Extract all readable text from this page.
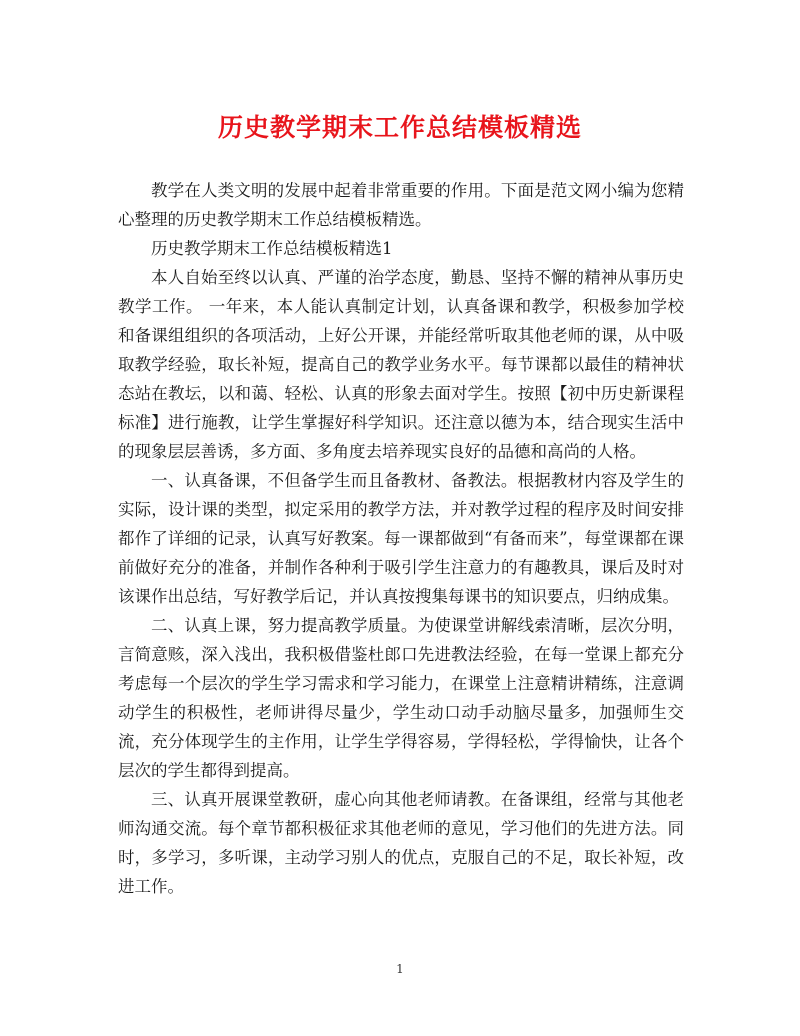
历史教学期末工作总结模板精选

教学在人类文明的发展中起着非常重要的作用。下面是范文网小编为您精心整理的历史教学期末工作总结模板精选。

历史教学期末工作总结模板精选1

本人自始至终以认真、严谨的治学态度，勤恳、坚持不懈的精神从事历史教学工作。 一年来，本人能认真制定计划，认真备课和教学，积极参加学校和备课组组织的各项活动，上好公开课，并能经常听取其他老师的课，从中吸取教学经验，取长补短，提高自己的教学业务水平。每节课都以最佳的精神状态站在教坛，以和蔼、轻松、认真的形象去面对学生。按照【初中历史新课程标准】进行施教，让学生掌握好科学知识。还注意以德为本，结合现实生活中的现象层层善诱，多方面、多角度去培养现实良好的品德和高尚的人格。

一、认真备课，不但备学生而且备教材、备教法。根据教材内容及学生的实际，设计课的类型，拟定采用的教学方法，并对教学过程的程序及时间安排都作了详细的记录，认真写好教案。每一课都做到“有备而来”，每堂课都在课前做好充分的准备，并制作各种利于吸引学生注意力的有趣教具，课后及时对该课作出总结，写好教学后记，并认真按搜集每课书的知识要点，归纳成集。

二、认真上课，努力提高教学质量。为使课堂讲解线索清晰，层次分明，言简意赅，深入浅出，我积极借鉴杜郎口先进教法经验，在每一堂课上都充分考虑每一个层次的学生学习需求和学习能力，在课堂上注意精讲精练，注意调动学生的积极性，老师讲得尽量少，学生动口动手动脑尽量多，加强师生交流，充分体现学生的主作用，让学生学得容易，学得轻松，学得愉快，让各个层次的学生都得到提高。

三、认真开展课堂教研，虚心向其他老师请教。在备课组，经常与其他老师沟通交流。每个章节都积极征求其他老师的意见，学习他们的先进方法。同时，多学习，多听课，主动学习别人的优点，克服自己的不足，取长补短，改进工作。

1
